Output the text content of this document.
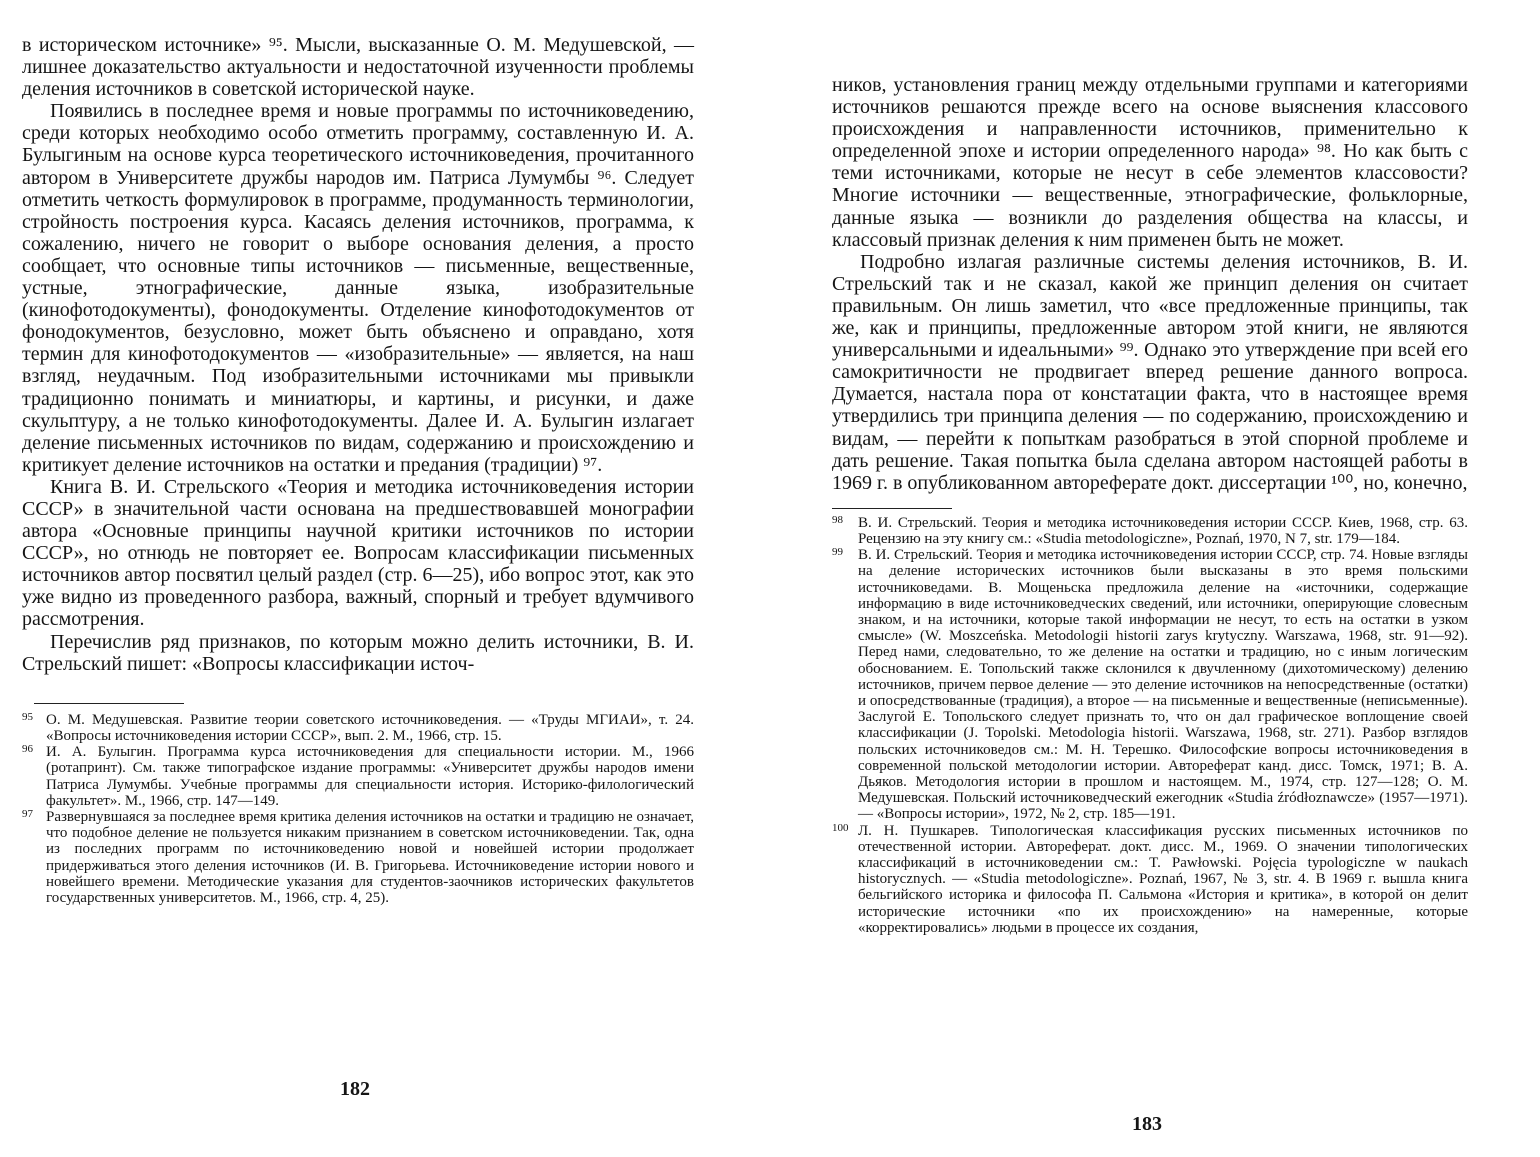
в историческом источнике» ⁹⁵. Мысли, высказанные О. М. Медушевской, — лишнее доказательство актуальности и недостаточной изученности проблемы деления источников в советской исторической науке.

Появились в последнее время и новые программы по источниковедению, среди которых необходимо особо отметить программу, составленную И. А. Булыгиным на основе курса теоретического источниковедения, прочитанного автором в Университете дружбы народов им. Патриса Лумумбы ⁹⁶. Следует отметить четкость формулировок в программе, продуманность терминологии, стройность построения курса. Касаясь деления источников, программа, к сожалению, ничего не говорит о выборе основания деления, а просто сообщает, что основные типы источников — письменные, вещественные, устные, этнографические, данные языка, изобразительные (кинофотодокументы), фонодокументы. Отделение кинофотодокументов от фонодокументов, безусловно, может быть объяснено и оправдано, хотя термин для кинофотодокументов — «изобразительные» — является, на наш взгляд, неудачным. Под изобразительными источниками мы привыкли традиционно понимать и миниатюры, и картины, и рисунки, и даже скульптуру, а не только кинофотодокументы. Далее И. А. Булыгин излагает деление письменных источников по видам, содержанию и происхождению и критикует деление источников на остатки и предания (традиции) ⁹⁷.

Книга В. И. Стрельского «Теория и методика источниковедения истории СССР» в значительной части основана на предшествовавшей монографии автора «Основные принципы научной критики источников по истории СССР», но отнюдь не повторяет ее. Вопросам классификации письменных источников автор посвятил целый раздел (стр. 6—25), ибо вопрос этот, как это уже видно из проведенного разбора, важный, спорный и требует вдумчивого рассмотрения.

Перечислив ряд признаков, по которым можно делить источники, В. И. Стрельский пишет: «Вопросы классификации источ-

95 О. М. Медушевская. Развитие теории советского источниковедения. — «Труды МГИАИ», т. 24. «Вопросы источниковедения истории СССР», вып. 2. М., 1966, стр. 15.
96 И. А. Булыгин. Программа курса источниковедения для специальности истории. М., 1966 (ротапринт). См. также типографское издание программы: «Университет дружбы народов имени Патриса Лумумбы. Учебные программы для специальности история. Историко-филологический факультет». М., 1966, стр. 147—149.
97 Развернувшаяся за последнее время критика деления источников на остатки и традицию не означает, что подобное деление не пользуется никаким признанием в советском источниковедении. Так, одна из последних программ по источниковедению новой и новейшей истории продолжает придерживаться этого деления источников (И. В. Григорьева. Источниковедение истории нового и новейшего времени. Методические указания для студентов-заочников исторических факультетов государственных университетов. М., 1966, стр. 4, 25).
182

ников, установления границ между отдельными группами и категориями источников решаются прежде всего на основе выяснения классового происхождения и направленности источников, применительно к определенной эпохе и истории определенного народа» ⁹⁸. Но как быть с теми источниками, которые не несут в себе элементов классовости? Многие источники — вещественные, этнографические, фольклорные, данные языка — возникли до разделения общества на классы, и классовый признак деления к ним применен быть не может.

Подробно излагая различные системы деления источников, В. И. Стрельский так и не сказал, какой же принцип деления он считает правильным. Он лишь заметил, что «все предложенные принципы, так же, как и принципы, предложенные автором этой книги, не являются универсальными и идеальными» ⁹⁹. Однако это утверждение при всей его самокритичности не продвигает вперед решение данного вопроса. Думается, настала пора от констатации факта, что в настоящее время утвердились три принципа деления — по содержанию, происхождению и видам, — перейти к попыткам разобраться в этой спорной проблеме и дать решение. Такая попытка была сделана автором настоящей работы в 1969 г. в опубликованном автореферате докт. диссертации ¹⁰⁰, но, конечно,

98 В. И. Стрельский. Теория и методика источниковедения истории СССР. Киев, 1968, стр. 63. Рецензию на эту книгу см.: «Studia metodologiczne», Poznań, 1970, N 7, str. 179—184.
99 В. И. Стрельский. Теория и методика источниковедения истории СССР, стр. 74. Новые взгляды на деление исторических источников были высказаны в это время польскими источниковедами. В. Мощеньска предложила деление на «источники, содержащие информацию в виде источниковедческих сведений, или источники, оперирующие словесным знаком, и на источники, которые такой информации не несут, то есть на остатки в узком смысле» (W. Moszceńska. Metodologii historii zarys krytyczny. Warszawa, 1968, str. 91—92). Перед нами, следовательно, то же деление на остатки и традицию, но с иным логическим обоснованием. Е. Топольский также склонился к двучленному (дихотомическому) делению источников, причем первое деление — это деление источников на непосредственные (остатки) и опосредствованные (традиция), а второе — на письменные и вещественные (неписьменные). Заслугой Е. Топольского следует признать то, что он дал графическое воплощение своей классификации (J. Topolski. Metodologia historii. Warszawa, 1968, str. 271). Разбор взглядов польских источниковедов см.: М. Н. Терешко. Философские вопросы источниковедения в современной польской методологии истории. Автореферат канд. дисс. Томск, 1971; В. А. Дьяков. Методология истории в прошлом и настоящем. М., 1974, стр. 127—128; О. М. Медушевская. Польский источниковедческий ежегодник «Studia źródłoznawcze» (1957—1971). — «Вопросы истории», 1972, № 2, стр. 185—191.
100 Л. Н. Пушкарев. Типологическая классификация русских письменных источников по отечественной истории. Автореферат. докт. дисс. М., 1969. О значении типологических классификаций в источниковедении см.: T. Pawłowski. Pojęcia typologiczne w naukach historycznych. — «Studia metodologiczne». Poznań, 1967, № 3, str. 4. В 1969 г. вышла книга бельгийского историка и философа П. Сальмона «История и критика», в которой он делит исторические источники «по их происхождению» на намеренные, которые «корректировались» людьми в процессе их создания,
183
